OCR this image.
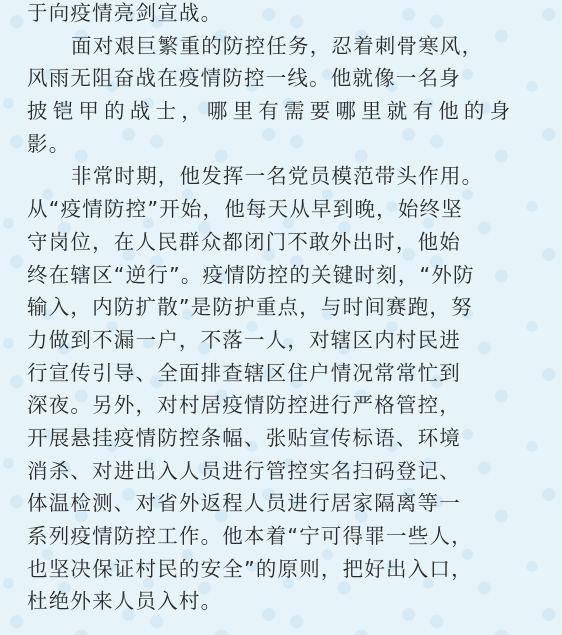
于向疫情亮剑宣战。
面对艰巨繁重的防控任务，忍着刺骨寒风，
风雨无阻奋战在疫情防控一线。他就像一名身
披铠甲的战士，哪里有需要哪里就有他的身
影。
非常时期，他发挥一名党员模范带头作用。
从“疫情防控”开始，他每天从早到晚，始终坚
守岗位，在人民群众都闭门不敢外出时，他始
终在辖区“逆行”。疫情防控的关键时刻，“外防
输入，内防扩散”是防护重点，与时间赛跑，努
力做到不漏一户，不落一人，对辖区内村民进
行宣传引导、全面排查辖区住户情况常常忙到
深夜。另外，对村居疫情防控进行严格管控，
开展悬挂疫情防控条幅、张贴宣传标语、环境
消杀、对进出入人员进行管控实名扫码登记、
体温检测、对省外返程人员进行居家隔离等一
系列疫情防控工作。他本着“宁可得罪一些人，
也坚决保证村民的安全”的原则，把好出入口，
杜绝外来人员入村。
